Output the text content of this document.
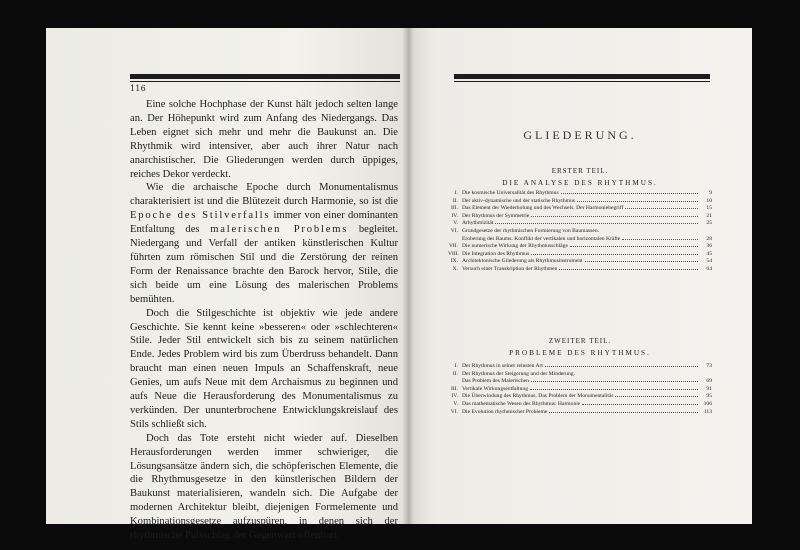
116

Eine solche Hochphase der Kunst hält jedoch selten lange an. Der Höhepunkt wird zum Anfang des Niedergangs. Das Leben eignet sich mehr und mehr die Baukunst an. Die Rhythmik wird intensiver, aber auch ihrer Natur nach anarchistischer. Die Gliederungen werden durch üppiges, reiches Dekor verdeckt.

Wie die archaische Epoche durch Monumentalismus charakterisiert ist und die Blütezeit durch Harmonie, so ist die Epoche des Stilverfalls immer von einer dominanten Entfaltung des malerischen Problems begleitet. Niedergang und Verfall der antiken künstlerischen Kultur führten zum römischen Stil und die Zerstörung der reinen Form der Renaissance brachte den Barock hervor, Stile, die sich beide um eine Lösung des malerischen Problems bemühten.

Doch die Stilgeschichte ist objektiv wie jede andere Geschichte. Sie kennt keine »besseren« oder »schlechteren« Stile. Jeder Stil entwickelt sich bis zu seinem natürlichen Ende. Jedes Problem wird bis zum Überdruss behandelt. Dann braucht man einen neuen Impuls an Schaffenskraft, neue Genies, um aufs Neue mit dem Archaismus zu beginnen und aufs Neue die Herausforderung des Monumentalismus zu verkünden. Der ununterbrochene Entwicklungskreislauf des Stils schließt sich.

Doch das Tote ersteht nicht wieder auf. Dieselben Herausforderungen werden immer schwieriger, die Lösungsansätze ändern sich, die schöpferischen Elemente, die die Rhythmusgesetze in den künstlerischen Bildern der Baukunst materialisieren, wandeln sich. Die Aufgabe der modernen Architektur bleibt, diejenigen Formelemente und Kombinationsgesetze aufzuspüren, in denen sich der rhythmische Pulsschlag der Gegenwart offenbart.

GLIEDERUNG.
ERSTER TEIL.
DIE ANALYSE DES RHYTHMUS.
I. Die kosmische Universalität des Rhythmus	9
II. Der aktiv-dynamische und der statische Rhythmus	10
III. Das Element der Wiederholung und des Wechsels. Der Harmoniebegriff	15
IV. Der Rhythmus der Symmetrie	21
V. Arhythmizität	25
VI. Grundgesetze der rhythmischen Formierung von Baumassen.
Eroberung des Raums. Konflikt der vertikalen und horizontalen Kräfte	28
VII. Die numerische Wirkung der Rhythmusschläge	36
VIII. Die Integration des Rhythmus	45
IX. Architektonische Gliederung als Rhythmusinstrument	54
X. Versuch einer Transkription der Rhythmen	64
ZWEITER TEIL.
PROBLEME DES RHYTHMUS.
I. Der Rhythmus in seiner reinsten Art	73
II. Der Rhythmus der Steigerung und der Minderung.
Das Problem des Malerischen	69
III. Vertikale Wirkungsentfaltung	91
IV. Die Überwindung des Rhythmus. Das Problem der Monumentalität	95
V. Das mathematische Wesen des Rhythmus: Harmonie	106
VI. Die Evolution rhythmischer Probleme	113
